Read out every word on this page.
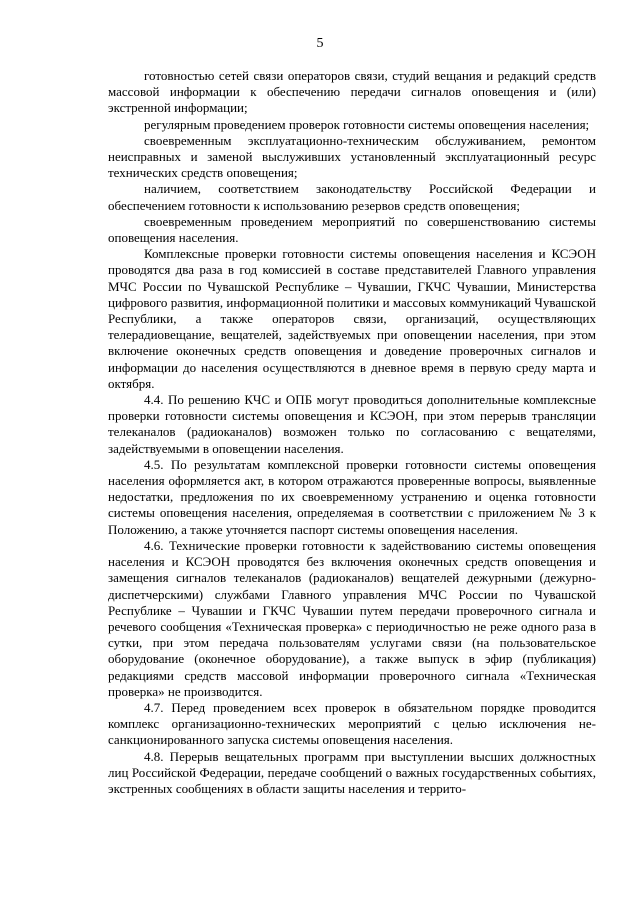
5

готовностью сетей связи операторов связи, студий вещания и редакций средств массовой информации к обеспечению передачи сигналов оповещения и (или) экстренной информации;

регулярным проведением проверок готовности системы оповещения населения;

своевременным эксплуатационно-техническим обслуживанием, ремонтом неисправных и заменой выслуживших установленный эксплуатационный ресурс технических средств оповещения;

наличием, соответствием законодательству Российской Федерации и обеспечением готовности к использованию резервов средств оповещения;

своевременным проведением мероприятий по совершенствованию системы оповещения населения.

Комплексные проверки готовности системы оповещения населения и КСЭОН проводятся два раза в год комиссией в составе представителей Главного управления МЧС России по Чувашской Республике – Чувашии, ГКЧС Чувашии, Министерства цифрового развития, информационной политики и массовых коммуникаций Чувашской Республики, а также операторов связи, организаций, осуществляющих телерадиовещание, вещателей, задействуемых при оповещении населения, при этом включение оконечных средств оповещения и доведение проверочных сигналов и информации до населения осуществляются в дневное время в первую среду марта и октября.

4.4. По решению КЧС и ОПБ могут проводиться дополнительные комплексные проверки готовности системы оповещения и КСЭОН, при этом перерыв трансляции телеканалов (радиоканалов) возможен только по согласованию с вещателями, задействуемыми в оповещении населения.

4.5. По результатам комплексной проверки готовности системы оповещения населения оформляется акт, в котором отражаются проверенные вопросы, выявленные недостатки, предложения по их своевременному устранению и оценка готовности системы оповещения населения, определяемая в соответствии с приложением № 3 к Положению, а также уточняется паспорт системы оповещения населения.

4.6. Технические проверки готовности к задействованию системы оповещения населения и КСЭОН проводятся без включения оконечных средств оповещения и замещения сигналов телеканалов (радиоканалов) вещателей дежурными (дежурно-диспетчерскими) службами Главного управления МЧС России по Чувашской Республике – Чувашии и ГКЧС Чувашии путем передачи проверочного сигнала и речевого сообщения «Техническая проверка» с периодичностью не реже одного раза в сутки, при этом передача пользователям услугами связи (на пользовательское оборудование (оконечное оборудование), а также выпуск в эфир (публикация) редакциями средств массовой информации проверочного сигнала «Техническая проверка» не производится.

4.7. Перед проведением всех проверок в обязательном порядке проводится комплекс организационно-технических мероприятий с целью исключения несанкционированного запуска системы оповещения населения.

4.8. Перерыв вещательных программ при выступлении высших должностных лиц Российской Федерации, передаче сообщений о важных государственных событиях, экстренных сообщениях в области защиты населения и террито-
